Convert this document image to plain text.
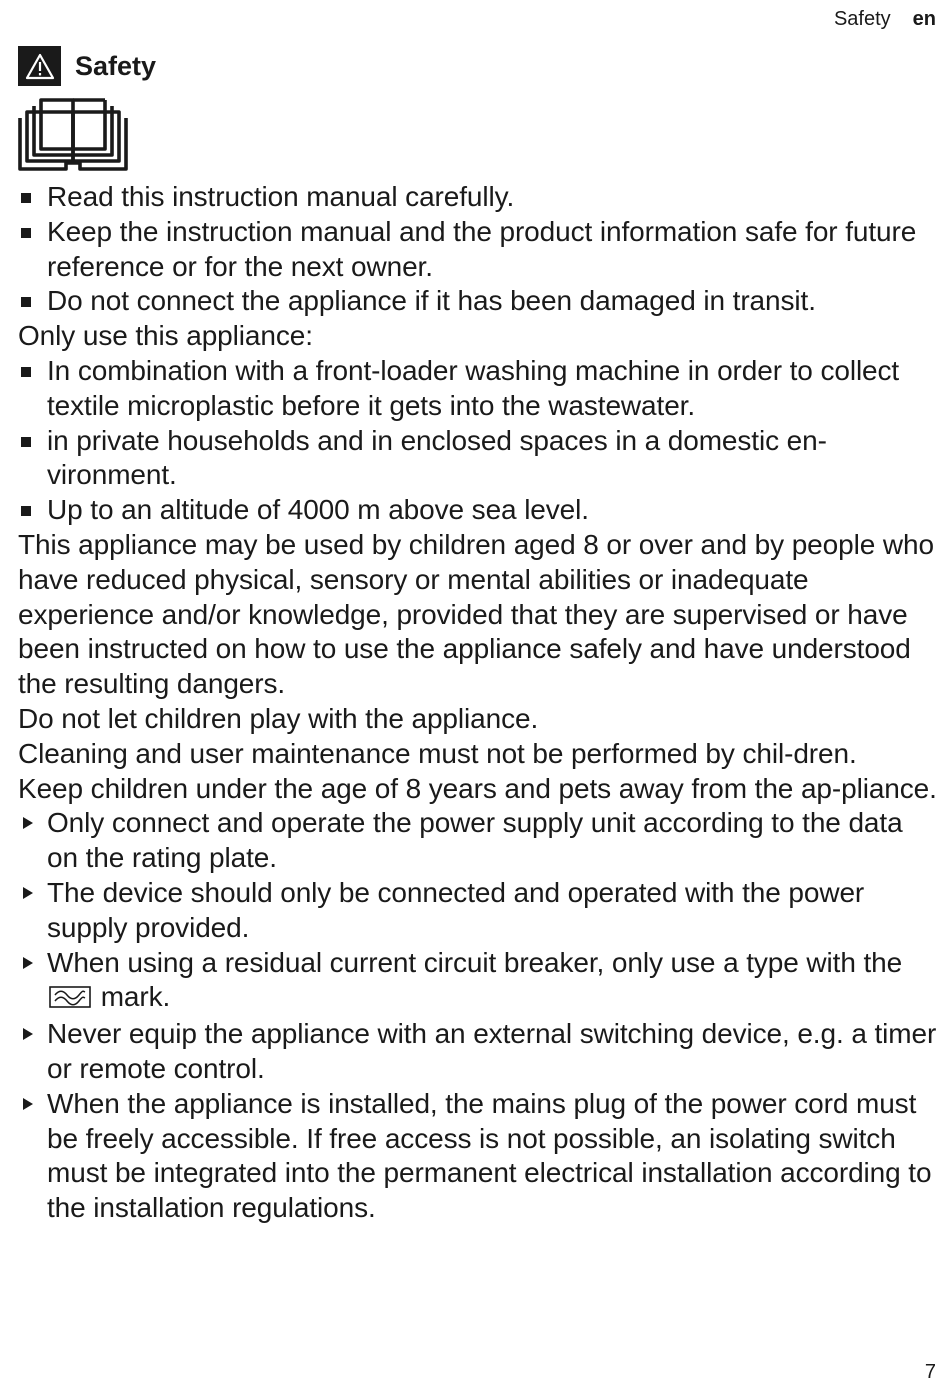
Safety en
Safety
Read this instruction manual carefully.
Keep the instruction manual and the product information safe for future reference or for the next owner.
Do not connect the appliance if it has been damaged in transit.
Only use this appliance:
In combination with a front-loader washing machine in order to collect textile microplastic before it gets into the wastewater.
in private households and in enclosed spaces in a domestic en-vironment.
Up to an altitude of 4000 m above sea level.
This appliance may be used by children aged 8 or over and by people who have reduced physical, sensory or mental abilities or inadequate experience and/or knowledge, provided that they are supervised or have been instructed on how to use the appliance safely and have understood the resulting dangers.
Do not let children play with the appliance.
Cleaning and user maintenance must not be performed by chil-dren.
Keep children under the age of 8 years and pets away from the ap-pliance.
Only connect and operate the power supply unit according to the data on the rating plate.
The device should only be connected and operated with the power supply provided.
When using a residual current circuit breaker, only use a type with the  mark.
Never equip the appliance with an external switching device, e.g. a timer or remote control.
When the appliance is installed, the mains plug of the power cord must be freely accessible. If free access is not possible, an isolating switch must be integrated into the permanent electrical installation according to the installation regulations.
7
